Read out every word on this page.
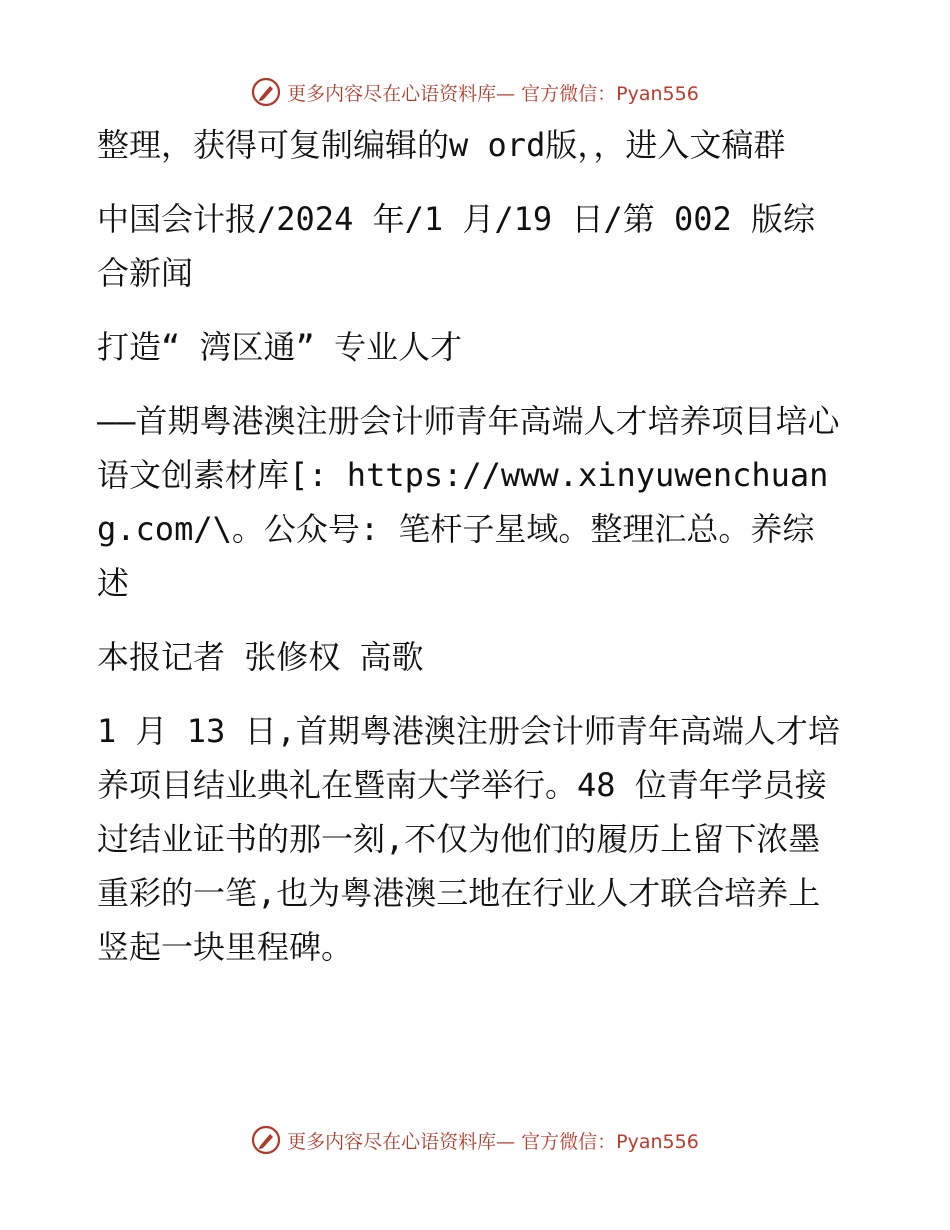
更多内容尽在心语资料库— 官方微信：Pyan556

整理，获得可复制编辑的w ord版，，进入文稿群

中国会计报/2024 年/1 月/19 日/第 002 版综合新闻

打造“ 湾区通” 专业人才

——首期粤港澳注册会计师青年高端人才培养项目培心语文创素材库[: https://www.xinyuwenchuang.com/\。公众号: 笔杆子星域。整理汇总。养综述

本报记者 张修权 高歌

1 月 13 日,首期粤港澳注册会计师青年高端人才培养项目结业典礼在暨南大学举行。48 位青年学员接过结业证书的那一刻,不仅为他们的履历上留下浓墨重彩的一笔,也为粤港澳三地在行业人才联合培养上竖起一块里程碑。

更多内容尽在心语资料库— 官方微信：Pyan556
